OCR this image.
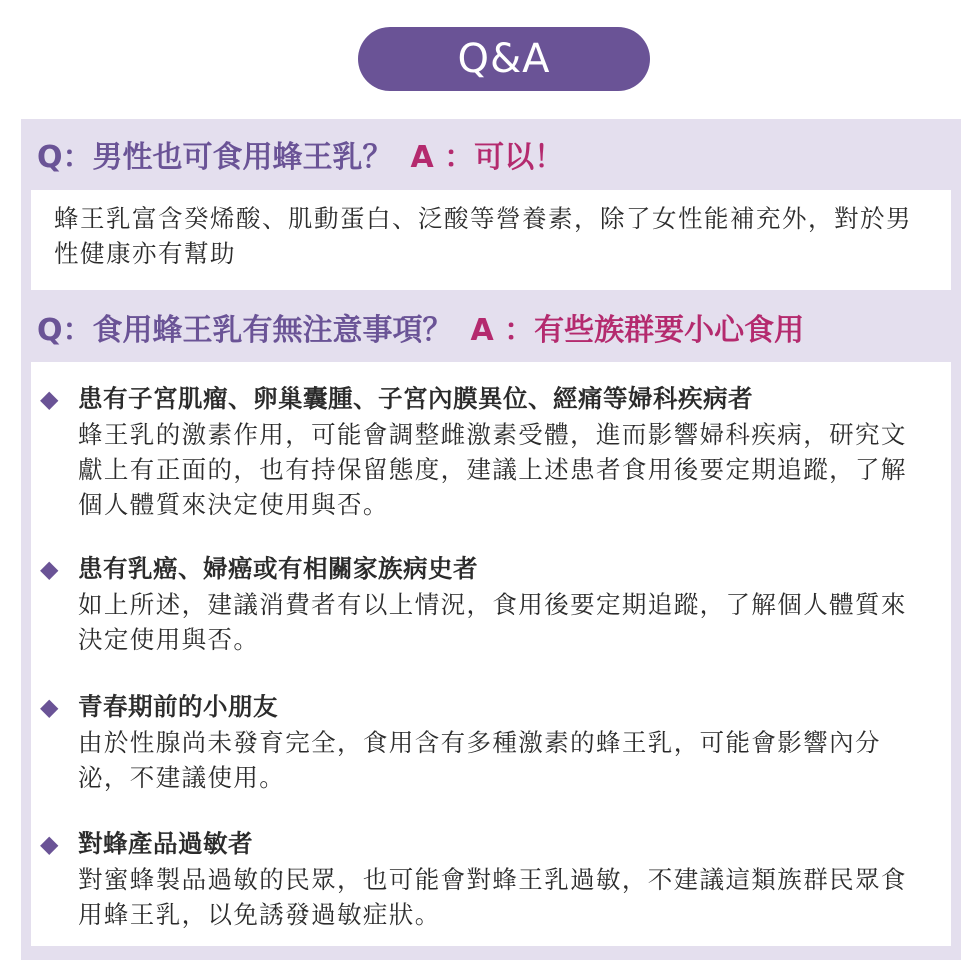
Q&A
Q：男性也可食用蜂王乳？ A ：可以！
蜂王乳富含癸烯酸、肌動蛋白、泛酸等營養素，除了女性能補充外，對於男性健康亦有幫助
Q：食用蜂王乳有無注意事項？ A ：有些族群要小心食用
◆ 患有子宮肌瘤、卵巢囊腫、子宮內膜異位、經痛等婦科疾病者
蜂王乳的激素作用，可能會調整雌激素受體，進而影響婦科疾病，研究文獻上有正面的，也有持保留態度，建議上述患者食用後要定期追蹤，了解個人體質來決定使用與否。
◆ 患有乳癌、婦癌或有相關家族病史者
如上所述，建議消費者有以上情況，食用後要定期追蹤，了解個人體質來決定使用與否。
◆ 青春期前的小朋友
由於性腺尚未發育完全，食用含有多種激素的蜂王乳，可能會影響內分泌，不建議使用。
◆ 對蜂產品過敏者
對蜜蜂製品過敏的民眾，也可能會對蜂王乳過敏，不建議這類族群民眾食用蜂王乳，以免誘發過敏症狀。
